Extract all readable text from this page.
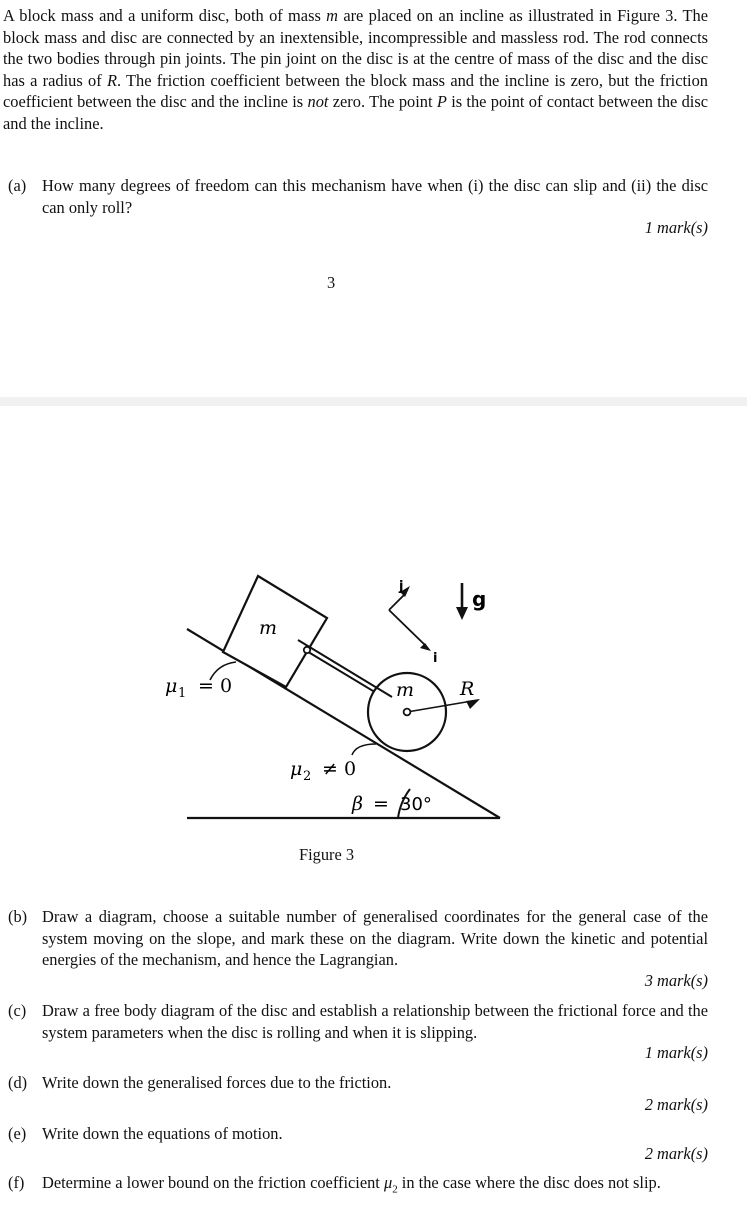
A block mass and a uniform disc, both of mass m are placed on an incline as illustrated in Figure 3. The block mass and disc are connected by an inextensible, incompressible and massless rod. The rod connects the two bodies through pin joints. The pin joint on the disc is at the centre of mass of the disc and the disc has a radius of R. The friction coefficient between the block mass and the incline is zero, but the friction coefficient between the disc and the incline is not zero. The point P is the point of contact between the disc and the incline.
(a) How many degrees of freedom can this mechanism have when (i) the disc can slip and (ii) the disc can only roll?
1 mark(s)
3
m
m R
μ 1 = 0
μ 2 ≠ 0
β = 30°
j
i
g
Figure 3
(b) Draw a diagram, choose a suitable number of generalised coordinates for the general case of the system moving on the slope, and mark these on the diagram. Write down the kinetic and potential energies of the mechanism, and hence the Lagrangian.
3 mark(s)
(c) Draw a free body diagram of the disc and establish a relationship between the frictional force and the system parameters when the disc is rolling and when it is slipping.
1 mark(s)
(d) Write down the generalised forces due to the friction.
2 mark(s)
(e) Write down the equations of motion.
2 mark(s)
(f) Determine a lower bound on the friction coefficient $\mu_2$ in the case where the disc does not slip.
